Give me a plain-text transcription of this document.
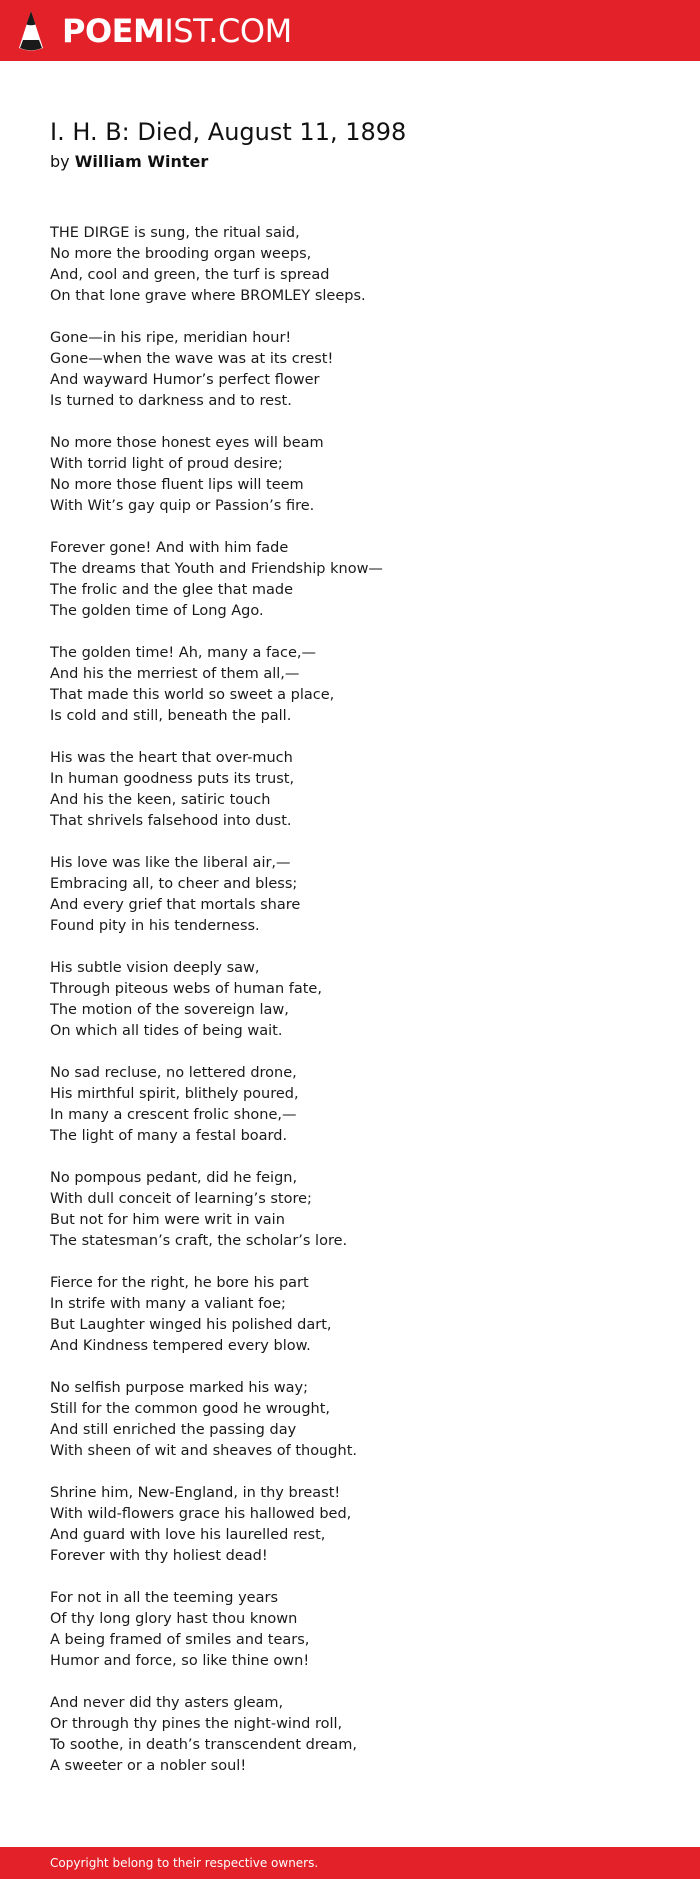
POEMIST.COM
I. H. B: Died, August 11, 1898
by William Winter
THE DIRGE is sung, the ritual said,
No more the brooding organ weeps,
And, cool and green, the turf is spread
On that lone grave where BROMLEY sleeps.
Gone—in his ripe, meridian hour!
Gone—when the wave was at its crest!
And wayward Humor’s perfect flower
Is turned to darkness and to rest.
No more those honest eyes will beam
With torrid light of proud desire;
No more those fluent lips will teem
With Wit’s gay quip or Passion’s fire.
Forever gone! And with him fade
The dreams that Youth and Friendship know—
The frolic and the glee that made
The golden time of Long Ago.
The golden time! Ah, many a face,—
And his the merriest of them all,—
That made this world so sweet a place,
Is cold and still, beneath the pall.
His was the heart that over-much
In human goodness puts its trust,
And his the keen, satiric touch
That shrivels falsehood into dust.
His love was like the liberal air,—
Embracing all, to cheer and bless;
And every grief that mortals share
Found pity in his tenderness.
His subtle vision deeply saw,
Through piteous webs of human fate,
The motion of the sovereign law,
On which all tides of being wait.
No sad recluse, no lettered drone,
His mirthful spirit, blithely poured,
In many a crescent frolic shone,—
The light of many a festal board.
No pompous pedant, did he feign,
With dull conceit of learning’s store;
But not for him were writ in vain
The statesman’s craft, the scholar’s lore.
Fierce for the right, he bore his part
In strife with many a valiant foe;
But Laughter winged his polished dart,
And Kindness tempered every blow.
No selfish purpose marked his way;
Still for the common good he wrought,
And still enriched the passing day
With sheen of wit and sheaves of thought.
Shrine him, New-England, in thy breast!
With wild-flowers grace his hallowed bed,
And guard with love his laurelled rest,
Forever with thy holiest dead!
For not in all the teeming years
Of thy long glory hast thou known
A being framed of smiles and tears,
Humor and force, so like thine own!
And never did thy asters gleam,
Or through thy pines the night-wind roll,
To soothe, in death’s transcendent dream,
A sweeter or a nobler soul!
Copyright belong to their respective owners.
